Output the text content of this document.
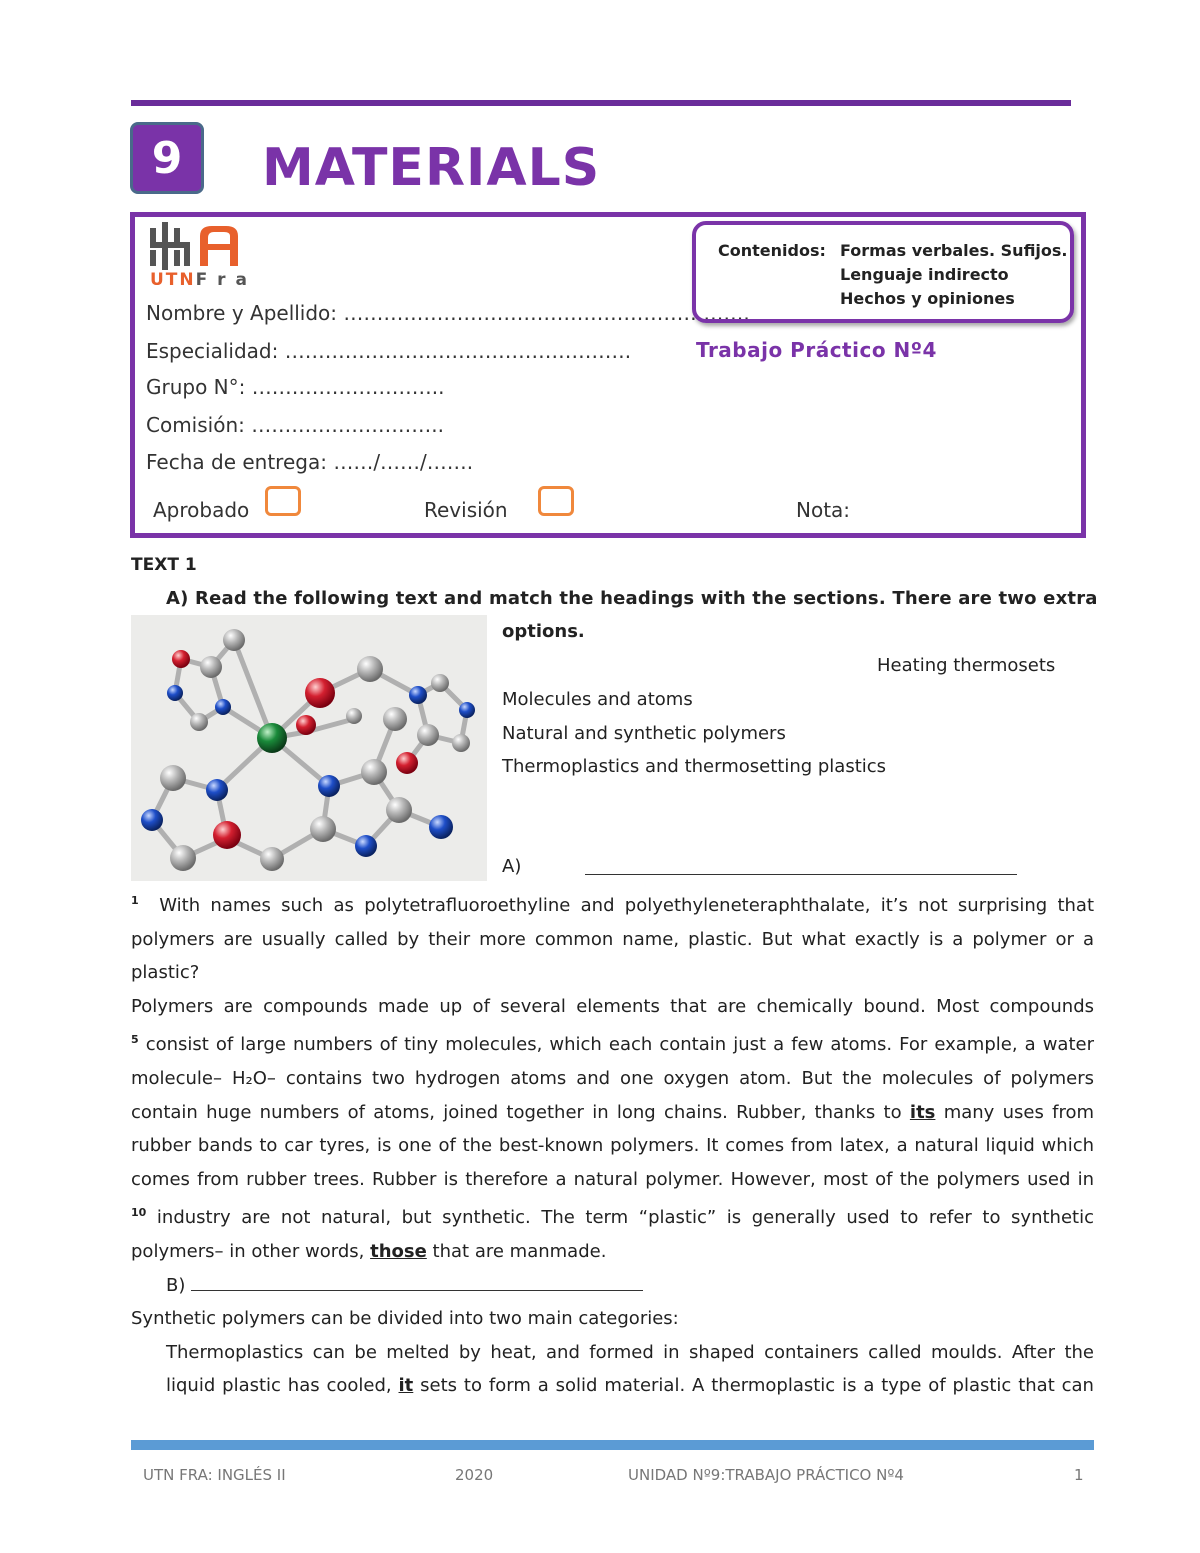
9	MATERIALS
UTNF r a
Nombre y Apellido: …………………………………………………….
Especialidad: …………………………………………….
Grupo N°: ………………………..
Comisión: ………………………..
Fecha de entrega: ……/……/…….
Contenidos: Formas verbales. Sufijos.
Lenguaje indirecto
Hechos y opiniones
Trabajo Práctico Nº4
Aprobado	Revisión	Nota:
TEXT 1
A) Read the following text and match the headings with the sections. There are two extra
options.
Heating thermosets
Molecules and atoms
Natural and synthetic polymers
Thermoplastics and thermosetting plastics
A)
$^1$ With names such as polytetrafluoroethyline and polyethyleneteraphthalate, it’s not surprising that
polymers are usually called by their more common name, plastic. But what exactly is a polymer or a
plastic?
Polymers are compounds made up of several elements that are chemically bound. Most compounds
$^5$ consist of large numbers of tiny molecules, which each contain just a few atoms. For example, a water
molecule– H₂O– contains two hydrogen atoms and one oxygen atom. But the molecules of polymers
contain huge numbers of atoms, joined together in long chains. Rubber, thanks to its many uses from
rubber bands to car tyres, is one of the best-known polymers. It comes from latex, a natural liquid which
comes from rubber trees. Rubber is therefore a natural polymer. However, most of the polymers used in
$^{10}$ industry are not natural, but synthetic. The term “plastic” is generally used to refer to synthetic
polymers– in other words, those that are manmade.
B)
Synthetic polymers can be divided into two main categories:
Thermoplastics can be melted by heat, and formed in shaped containers called moulds. After the
liquid plastic has cooled, it sets to form a solid material. A thermoplastic is a type of plastic that can
UTN FRA: INGLÉS II	2020	UNIDAD Nº9:TRABAJO PRÁCTICO Nº4	1
